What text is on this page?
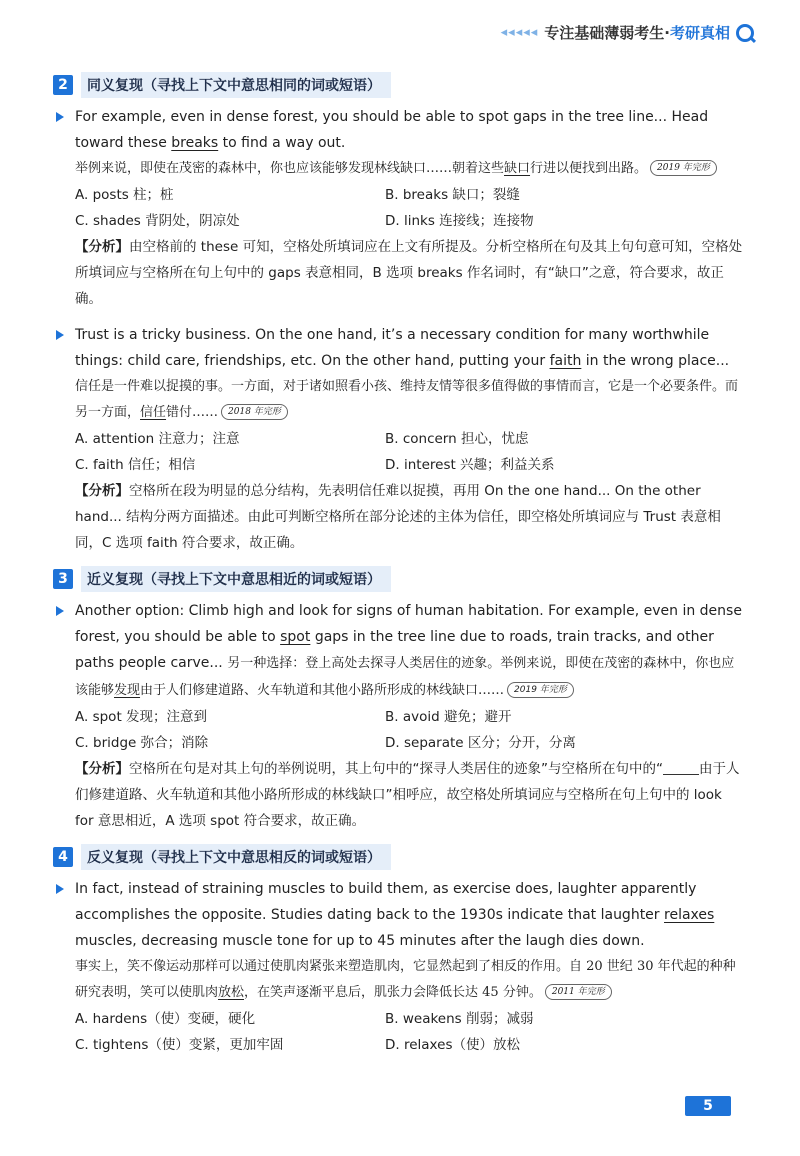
◂◂◂◂◂ 专注基础薄弱考生·考研真相
2	同义复现（寻找上下文中意思相同的词或短语）

For example, even in dense forest, you should be able to spot gaps in the tree line... Head toward these breaks to find a way out.

举例来说，即使在茂密的森林中，你也应该能够发现林线缺口……朝着这些缺口行进以便找到出路。 2019 年完形

A. posts 柱；桩	B. breaks 缺口；裂缝
C. shades 背阴处，阴凉处	D. links 连接线；连接物

【分析】由空格前的 these 可知，空格处所填词应在上文有所提及。分析空格所在句及其上句句意可知，空格处所填词应与空格所在句上句中的 gaps 表意相同，B 选项 breaks 作名词时，有“缺口”之意，符合要求，故正确。

Trust is a tricky business. On the one hand, it’s a necessary condition for many worthwhile things: child care, friendships, etc. On the other hand, putting your faith in the wrong place...

信任是一件难以捉摸的事。一方面，对于诸如照看小孩、维持友情等很多值得做的事情而言，它是一个必要条件。而另一方面，信任错付…… 2018 年完形

A. attention 注意力；注意	B. concern 担心，忧虑
C. faith 信任；相信	D. interest 兴趣；利益关系

【分析】空格所在段为明显的总分结构，先表明信任难以捉摸，再用 On the one hand... On the other hand... 结构分两方面描述。由此可判断空格所在部分论述的主体为信任，即空格处所填词应与 Trust 表意相同，C 选项 faith 符合要求，故正确。

3	近义复现（寻找上下文中意思相近的词或短语）

Another option: Climb high and look for signs of human habitation. For example, even in dense forest, you should be able to spot gaps in the tree line due to roads, train tracks, and other paths people carve... 另一种选择：登上高处去探寻人类居住的迹象。举例来说，即使在茂密的森林中，你也应该能够发现由于人们修建道路、火车轨道和其他小路所形成的林线缺口…… 2019 年完形

A. spot 发现；注意到	B. avoid 避免；避开
C. bridge 弥合；消除	D. separate 区分；分开，分离

【分析】空格所在句是对其上句的举例说明，其上句中的“探寻人类居住的迹象”与空格所在句中的“	由于人们修建道路、火车轨道和其他小路所形成的林线缺口”相呼应，故空格处所填词应与空格所在句上句中的 look for 意思相近，A 选项 spot 符合要求，故正确。

4	反义复现（寻找上下文中意思相反的词或短语）

In fact, instead of straining muscles to build them, as exercise does, laughter apparently accomplishes the opposite. Studies dating back to the 1930s indicate that laughter relaxes muscles, decreasing muscle tone for up to 45 minutes after the laugh dies down.

事实上，笑不像运动那样可以通过使肌肉紧张来塑造肌肉，它显然起到了相反的作用。自 20 世纪 30 年代起的种种研究表明，笑可以使肌肉放松，在笑声逐渐平息后，肌张力会降低长达 45 分钟。 2011 年完形

A. hardens（使）变硬，硬化	B. weakens 削弱；减弱
C. tightens（使）变紧，更加牢固	D. relaxes（使）放松
5
